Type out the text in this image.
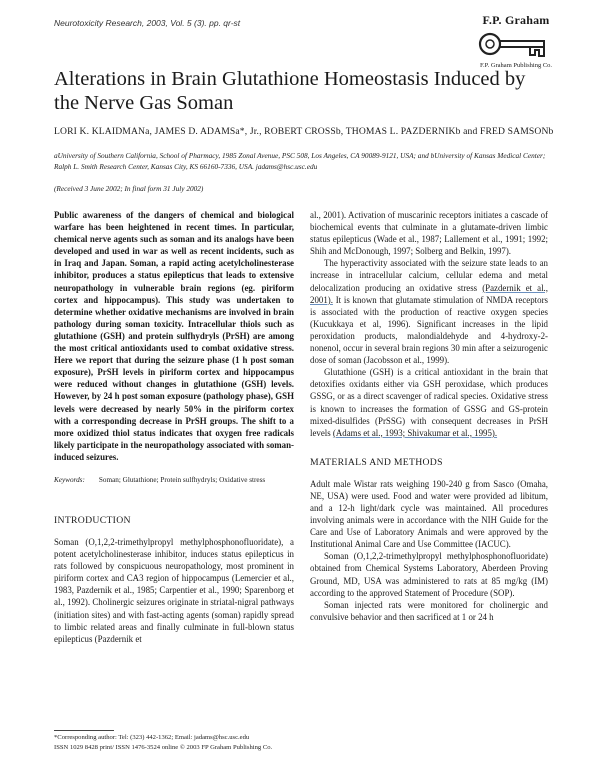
Neurotoxicity Research, 2003, Vol. 5 (3). pp. qr-st	F.P. Graham
F.P. Graham Publishing Co.
Alterations in Brain Glutathione Homeostasis Induced by the Nerve Gas Soman
LORI K. KLAIDMANa, JAMES D. ADAMSa*, Jr., ROBERT CROSSb, THOMAS L. PAZDERNIKb and FRED SAMSONb
aUniversity of Southern California, School of Pharmacy, 1985 Zonal Avenue, PSC 508, Los Angeles, CA 90089-9121, USA; and bUniversity of Kansas Medical Center; Ralph L. Smith Research Center, Kansas City, KS 66160-7336, USA. jadams@hsc.usc.edu
(Received 3 June 2002; In final form 31 July 2002)

Public awareness of the dangers of chemical and biological warfare has been heightened in recent times. In particular, chemical nerve agents such as soman and its analogs have been developed and used in war as well as recent incidents, such as in Iraq and Japan. Soman, a rapid acting acetylcholinesterase inhibitor, produces a status epilepticus that leads to extensive neuropathology in vulnerable brain regions (eg. piriform cortex and hippocampus). This study was undertaken to determine whether oxidative mechanisms are involved in brain pathology during soman toxicity. Intracellular thiols such as glutathione (GSH) and protein sulfhydryls (PrSH) are among the most critical antioxidants used to combat oxidative stress. Here we report that during the seizure phase (1 h post soman exposure), PrSH levels in piriform cortex and hippocampus were reduced without changes in glutathione (GSH) levels. However, by 24 h post soman exposure (pathology phase), GSH levels were decreased by nearly 50% in the piriform cortex with a corresponding decrease in PrSH groups. The shift to a more oxidized thiol status indicates that oxygen free radicals likely participate in the neuropathology associated with soman-induced seizures.

Keywords: Soman; Glutathione; Protein sulfhydryls; Oxidative stress

INTRODUCTION

Soman (O,1,2,2-trimethylpropyl methylphosphonofluoridate), a potent acetylcholinesterase inhibitor, induces status epilepticus in rats followed by conspicuous neuropathology, most prominent in piriform cortex and CA3 region of hippocampus (Lemercier et al., 1983, Pazdernik et al., 1985; Carpentier et al., 1990; Sparenborg et al., 1992). Cholinergic seizures originate in striatal-nigral pathways (initiation sites) and with fast-acting agents (soman) rapidly spread to limbic related areas and finally culminate in full-blown status epilepticus (Pazdernik et

al., 2001). Activation of muscarinic receptors initiates a cascade of biochemical events that culminate in a glutamate-driven limbic status epilepticus (Wade et al., 1987; Lallement et al., 1991; 1992; Shih and McDonough, 1997; Solberg and Belkin, 1997).

The hyperactivity associated with the seizure state leads to an increase in intracellular calcium, cellular edema and metal delocalization producing an oxidative stress (Pazdernik et al., 2001). It is known that glutamate stimulation of NMDA receptors is associated with the production of reactive oxygen species (Kucukkaya et al, 1996). Significant increases in the lipid peroxidation products, malondialdehyde and 4-hydroxy-2-nonenol, occur in several brain regions 30 min after a seizurogenic dose of soman (Jacobsson et al., 1999).

Glutathione (GSH) is a critical antioxidant in the brain that detoxifies oxidants either via GSH peroxidase, which produces GSSG, or as a direct scavenger of radical species. Oxidative stress is known to increases the formation of GSSG and GS-protein mixed-disulfides (PrSSG) with consequent decreases in PrSH levels (Adams et al., 1993; Shivakumar et al., 1995).

MATERIALS AND METHODS

Adult male Wistar rats weighing 190-240 g from Sasco (Omaha, NE, USA) were used. Food and water were provided ad libitum, and a 12-h light/dark cycle was maintained. All procedures involving animals were in accordance with the NIH Guide for the Care and Use of Laboratory Animals and were approved by the Institutional Animal Care and Use Committee (IACUC).

Soman (O,1,2,2-trimethylpropyl methylphosphonofluoridate) obtained from Chemical Systems Laboratory, Aberdeen Proving Ground, MD, USA was administered to rats at 85 mg/kg (IM) according to the approved Statement of Procedure (SOP).

Soman injected rats were monitored for cholinergic and convulsive behavior and then sacrificed at 1 or 24 h

*Corresponding author: Tel: (323) 442-1362; Email: jadams@hsc.usc.edu
ISSN 1029 8428 print/ ISSN 1476-3524 online © 2003 FP Graham Publishing Co.
